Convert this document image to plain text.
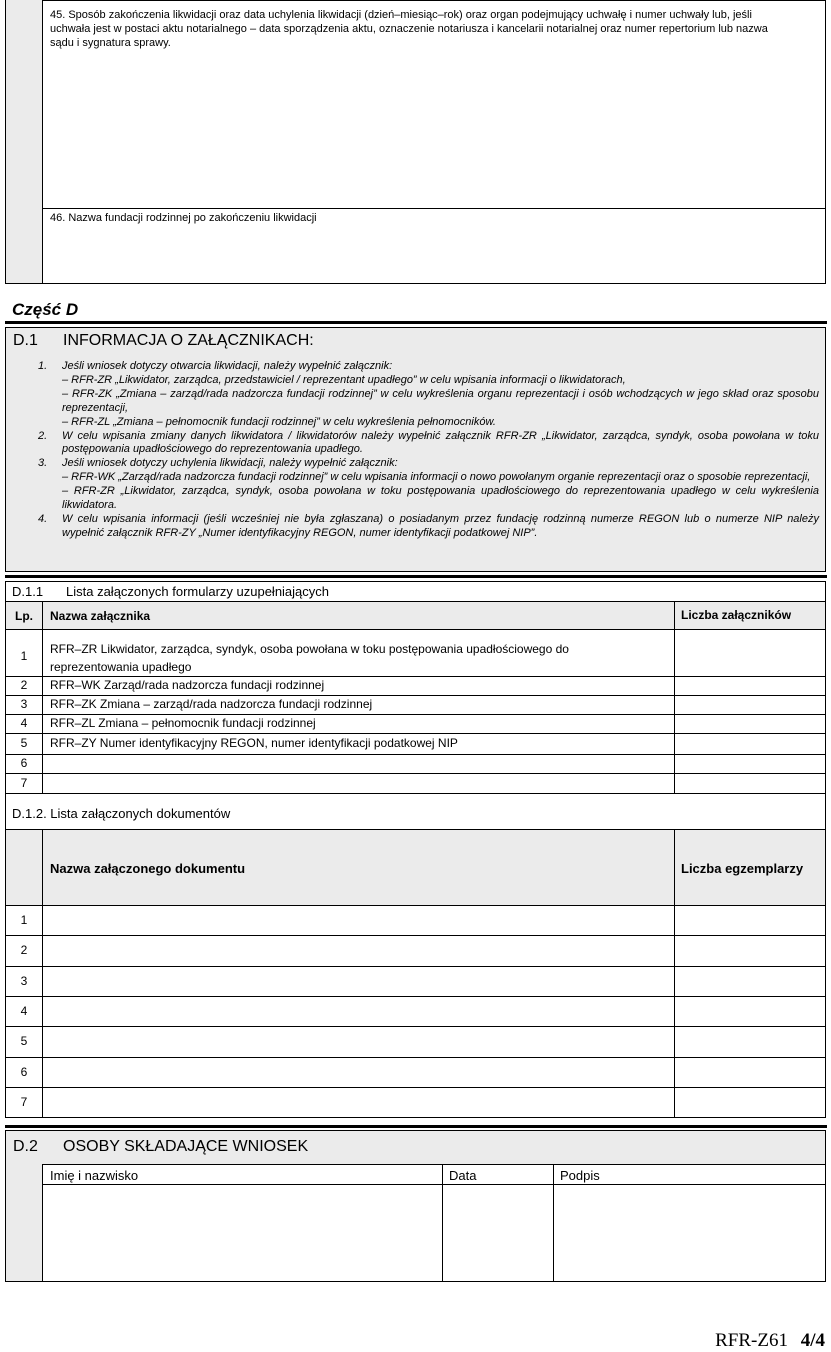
45. Sposób zakończenia likwidacji oraz data uchylenia likwidacji (dzień–miesiąc–rok) oraz organ podejmujący uchwałę i numer uchwały lub, jeśli uchwała jest w postaci aktu notarialnego – data sporządzenia aktu, oznaczenie notariusza i kancelarii notarialnej oraz numer repertorium lub nazwa sądu i sygnatura sprawy.
46. Nazwa fundacji rodzinnej po zakończeniu likwidacji
Część D
D.1 INFORMACJA O ZAŁĄCZNIKACH:
1. Jeśli wniosek dotyczy otwarcia likwidacji, należy wypełnić załącznik:
– RFR-ZR „Likwidator, zarządca, przedstawiciel / reprezentant upadłego” w celu wpisania informacji o likwidatorach,
– RFR-ZK „Zmiana – zarząd/rada nadzorcza fundacji rodzinnej” w celu wykreślenia organu reprezentacji i osób wchodzących w jego skład oraz sposobu reprezentacji,
– RFR-ZL „Zmiana – pełnomocnik fundacji rodzinnej” w celu wykreślenia pełnomocników.
2. W celu wpisania zmiany danych likwidatora / likwidatorów należy wypełnić załącznik RFR-ZR „Likwidator, zarządca, syndyk, osoba powołana w toku postępowania upadłościowego do reprezentowania upadłego.
3. Jeśli wniosek dotyczy uchylenia likwidacji, należy wypełnić załącznik:
– RFR-WK „Zarząd/rada nadzorcza fundacji rodzinnej” w celu wpisania informacji o nowo powołanym organie reprezentacji oraz o sposobie reprezentacji,
– RFR-ZR „Likwidator, zarządca, syndyk, osoba powołana w toku postępowania upadłościowego do reprezentowania upadłego w celu wykreślenia likwidatora.
4. W celu wpisania informacji (jeśli wcześniej nie była zgłaszana) o posiadanym przez fundację rodzinną numerze REGON lub o numerze NIP należy wypełnić załącznik RFR-ZY „Numer identyfikacyjny REGON, numer identyfikacji podatkowej NIP”.
D.1.1 Lista załączonych formularzy uzupełniających
Lp.	Nazwa załącznika	Liczba załączników
1	RFR–ZR Likwidator, zarządca, syndyk, osoba powołana w toku postępowania upadłościowego do
reprezentowania upadłego
2	RFR–WK Zarząd/rada nadzorcza fundacji rodzinnej
3	RFR–ZK Zmiana – zarząd/rada nadzorcza fundacji rodzinnej
4	RFR–ZL Zmiana – pełnomocnik fundacji rodzinnej
5	RFR–ZY Numer identyfikacyjny REGON, numer identyfikacji podatkowej NIP
6
7
D.1.2. Lista załączonych dokumentów
Nazwa załączonego dokumentu	Liczba egzemplarzy
1
2
3
4
5
6
7
D.2 OSOBY SKŁADAJĄCE WNIOSEK
Imię i nazwisko	Data	Podpis
RFR-Z61 4/4
